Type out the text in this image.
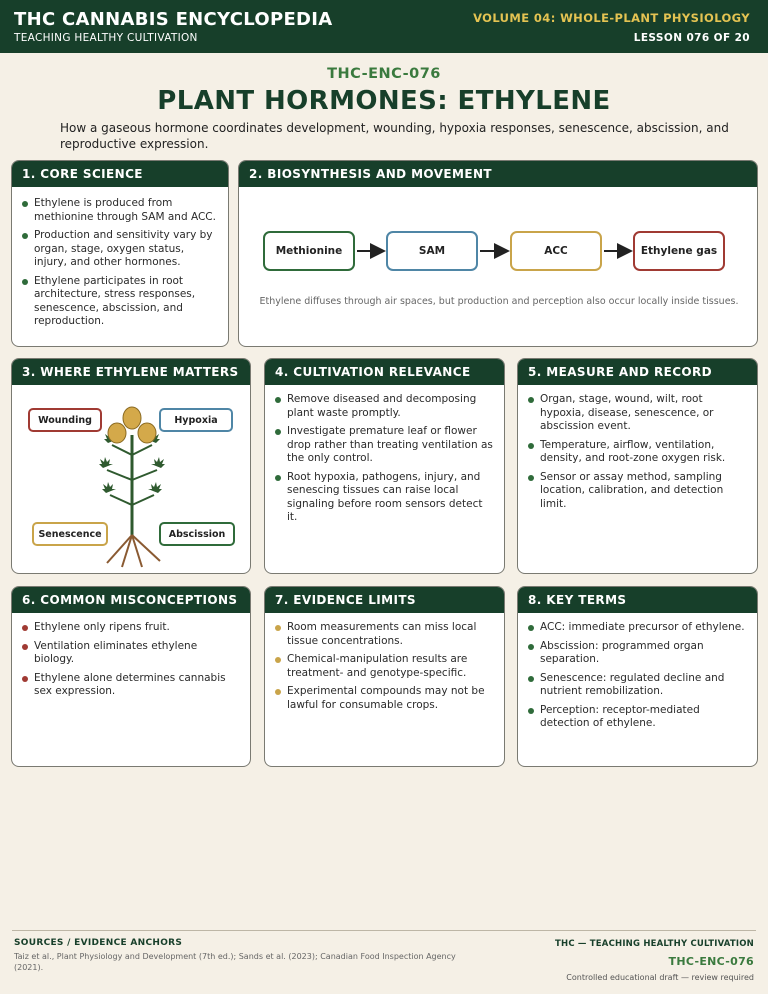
THC CANNABIS ENCYCLOPEDIA
TEACHING HEALTHY CULTIVATION
VOLUME 04: WHOLE-PLANT PHYSIOLOGY
LESSON 076 OF 20
THC-ENC-076
PLANT HORMONES: ETHYLENE
How a gaseous hormone coordinates development, wounding, hypoxia responses, senescence, abscission, and reproductive expression.
1. CORE SCIENCE
Ethylene is produced from methionine through SAM and ACC.
Production and sensitivity vary by organ, stage, oxygen status, injury, and other hormones.
Ethylene participates in root architecture, stress responses, senescence, abscission, and reproduction.
2. BIOSYNTHESIS AND MOVEMENT
Methionine	SAM	ACC	Ethylene gas
Ethylene diffuses through air spaces, but production and perception also occur locally inside tissues.
3. WHERE ETHYLENE MATTERS
Wounding	Hypoxia
Senescence	Abscission
4. CULTIVATION RELEVANCE
Remove diseased and decomposing plant waste promptly.
Investigate premature leaf or flower drop rather than treating ventilation as the only control.
Root hypoxia, pathogens, injury, and senescing tissues can raise local signaling before room sensors detect it.
5. MEASURE AND RECORD
Organ, stage, wound, wilt, root hypoxia, disease, senescence, or abscission event.
Temperature, airflow, ventilation, density, and root-zone oxygen risk.
Sensor or assay method, sampling location, calibration, and detection limit.
6. COMMON MISCONCEPTIONS
Ethylene only ripens fruit.
Ventilation eliminates ethylene biology.
Ethylene alone determines cannabis sex expression.
7. EVIDENCE LIMITS
Room measurements can miss local tissue concentrations.
Chemical-manipulation results are treatment- and genotype-specific.
Experimental compounds may not be lawful for consumable crops.
8. KEY TERMS
ACC: immediate precursor of ethylene.
Abscission: programmed organ separation.
Senescence: regulated decline and nutrient remobilization.
Perception: receptor-mediated detection of ethylene.
SOURCES / EVIDENCE ANCHORS
Taiz et al., Plant Physiology and Development (7th ed.); Sands et al. (2023); Canadian Food Inspection Agency (2021).
THC — TEACHING HEALTHY CULTIVATION
THC-ENC-076
Controlled educational draft — review required
